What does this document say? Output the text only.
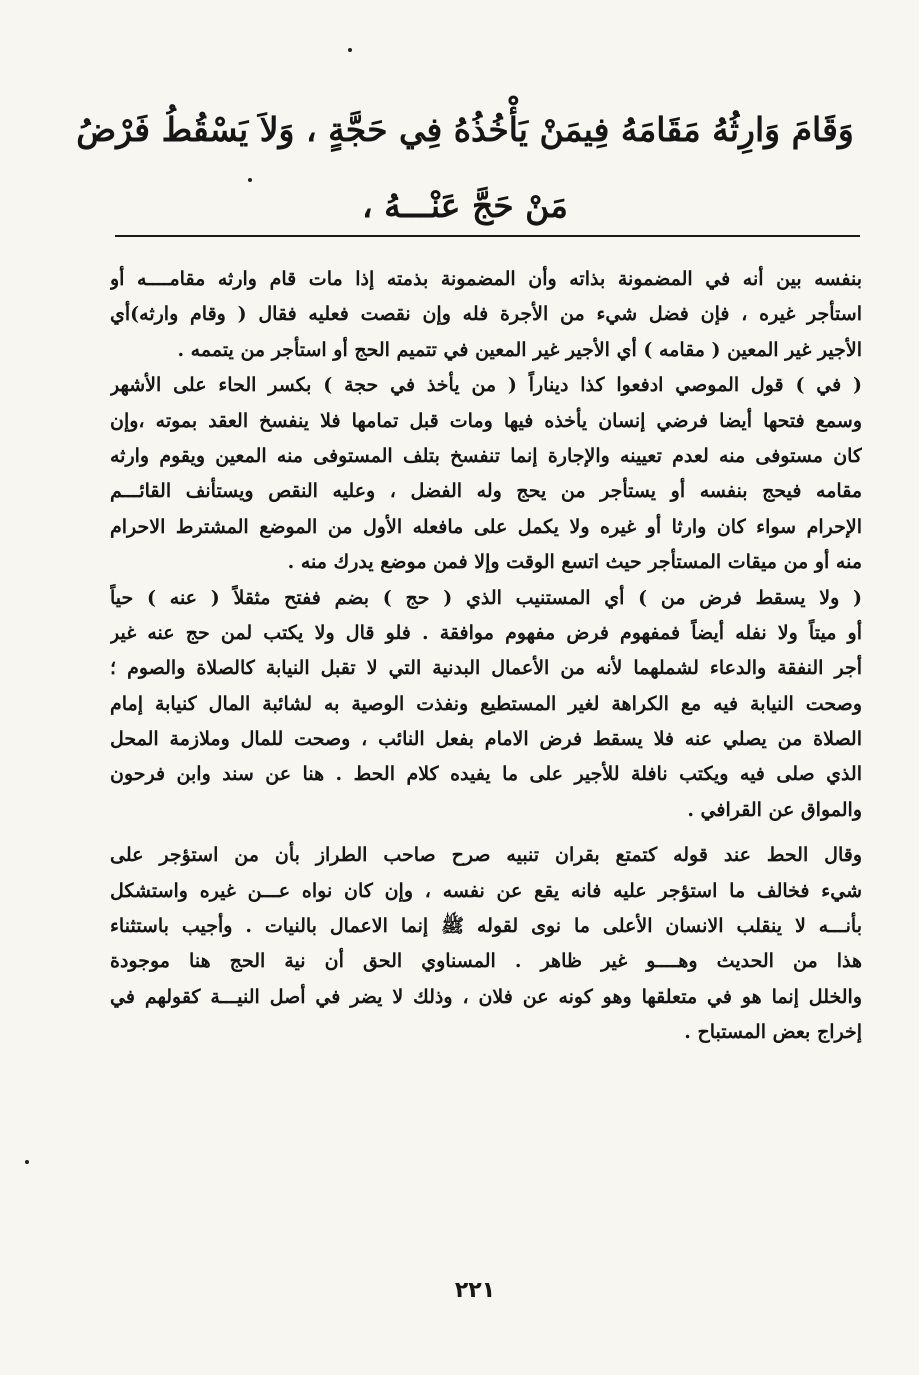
وَقَامَ وَارِثُهُ مَقَامَهُ فِيمَنْ يَأْخُذُهُ فِي حَجَّةٍ ، وَلاَ يَسْقُطُ فَرْضُ
مَنْ حَجَّ عَنْـــهُ ،
بنفسه بين أنه في المضمونة بذاته وأن المضمونة بذمته إذا مات قام وارثه مقامــــه أو
استأجر غيره ، فإن فضل شيء من الأجرة فله وإن نقصت فعليه فقال ( وقام وارثه)أي
الأجير غير المعين ( مقامه ) أي الأجير غير المعين في تتميم الحج أو استأجر من يتممه .
( في ) قول الموصي ادفعوا كذا ديناراً ( من يأخذ في حجة ) بكسر الحاء على الأشهر
وسمع فتحها أيضا فرضي إنسان يأخذه فيها ومات قبل تمامها فلا ينفسخ العقد بموته ،وإن
كان مستوفى منه لعدم تعيينه والإجارة إنما تنفسخ بتلف المستوفى منه المعين ويقوم وارثه
مقامه فيحج بنفسه أو يستأجر من يحج وله الفضل ، وعليه النقص ويستأنف القائـــم
الإحرام سواء كان وارثا أو غيره ولا يكمل على مافعله الأول من الموضع المشترط الاحرام
منه أو من ميقات المستأجر حيث اتسع الوقت وإلا فمن موضع يدرك منه .
( ولا يسقط فرض من ) أي المستنيب الذي ( حج ) بضم ففتح مثقلاً ( عنه ) حياً
أو ميتاً ولا نفله أيضاً فمفهوم فرض مفهوم موافقة . فلو قال ولا يكتب لمن حج عنه غير
أجر النفقة والدعاء لشملهما لأنه من الأعمال البدنية التي لا تقبل النيابة كالصلاة والصوم ؛
وصحت النيابة فيه مع الكراهة لغير المستطيع ونفذت الوصية به لشائبة المال كنيابة إمام
الصلاة من يصلي عنه فلا يسقط فرض الامام بفعل النائب ، وصحت للمال وملازمة المحل
الذي صلى فيه ويكتب نافلة للأجير على ما يفيده كلام الحط . هنا عن سند وابن فرحون
والمواق عن القرافي .
وقال الحط عند قوله كتمتع بقران تنبيه صرح صاحب الطراز بأن من استؤجر على
شيء فخالف ما استؤجر عليه فانه يقع عن نفسه ، وإن كان نواه عـــن غيره واستشكل
بأنـــه لا ينقلب الانسان الأعلى ما نوى لقوله ﷺ إنما الاعمال بالنيات . وأجيب باستثناء
هذا من الحديث وهــــو غير ظاهر . المسناوي الحق أن نية الحج هنا موجودة
والخلل إنما هو في متعلقها وهو كونه عن فلان ، وذلك لا يضر في أصل النيـــة كقولهم في
إخراج بعض المستباح .
٢٢١
